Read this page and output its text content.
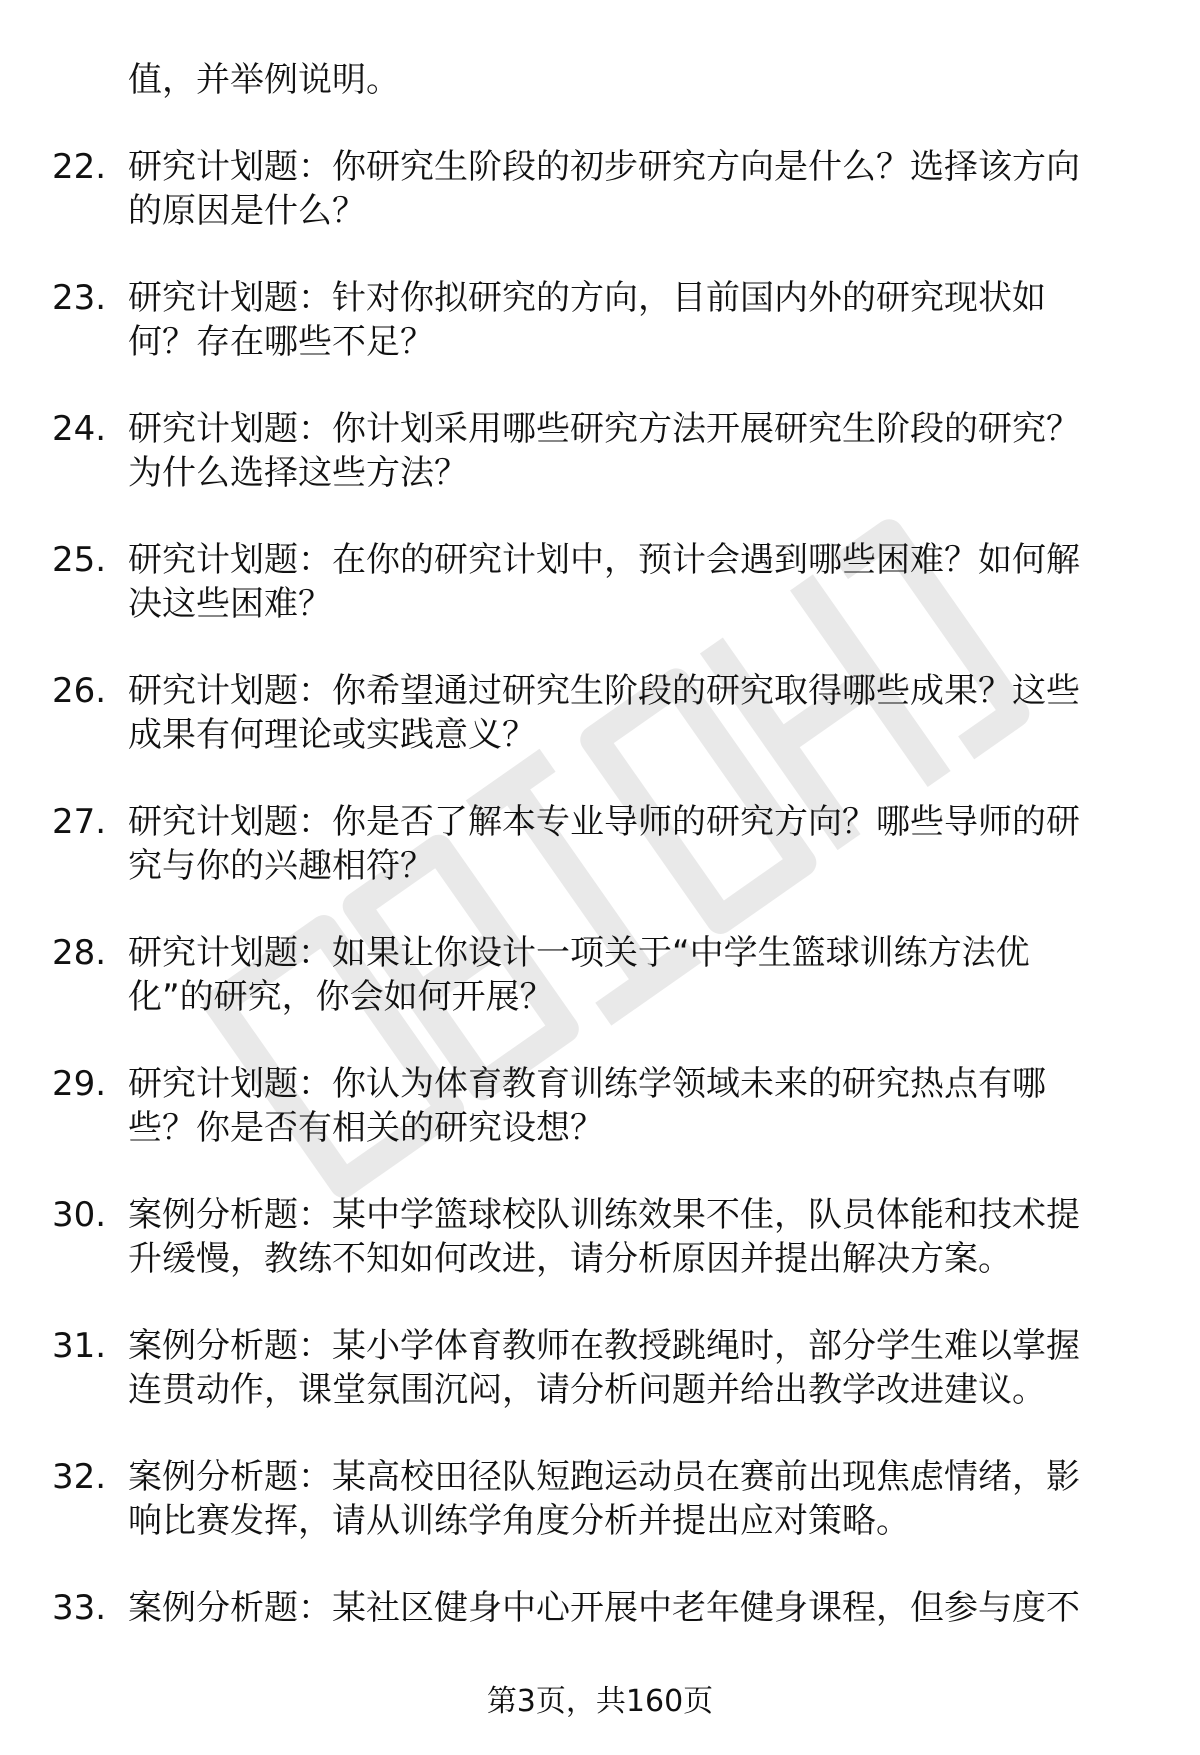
值，并举例说明。

22. 研究计划题：你研究生阶段的初步研究方向是什么？选择该方向
的原因是什么？
23. 研究计划题：针对你拟研究的方向，目前国内外的研究现状如
何？存在哪些不足？
24. 研究计划题：你计划采用哪些研究方法开展研究生阶段的研究？
为什么选择这些方法？
25. 研究计划题：在你的研究计划中，预计会遇到哪些困难？如何解
决这些困难？
26. 研究计划题：你希望通过研究生阶段的研究取得哪些成果？这些
成果有何理论或实践意义？
27. 研究计划题：你是否了解本专业导师的研究方向？哪些导师的研
究与你的兴趣相符？
28. 研究计划题：如果让你设计一项关于“中学生篮球训练方法优
化”的研究，你会如何开展？
29. 研究计划题：你认为体育教育训练学领域未来的研究热点有哪
些？你是否有相关的研究设想？
30. 案例分析题：某中学篮球校队训练效果不佳，队员体能和技术提
升缓慢，教练不知如何改进，请分析原因并提出解决方案。
31. 案例分析题：某小学体育教师在教授跳绳时，部分学生难以掌握
连贯动作，课堂氛围沉闷，请分析问题并给出教学改进建议。
32. 案例分析题：某高校田径队短跑运动员在赛前出现焦虑情绪，影
响比赛发挥，请从训练学角度分析并提出应对策略。
33. 案例分析题：某社区健身中心开展中老年健身课程，但参与度不
第3页，共160页
